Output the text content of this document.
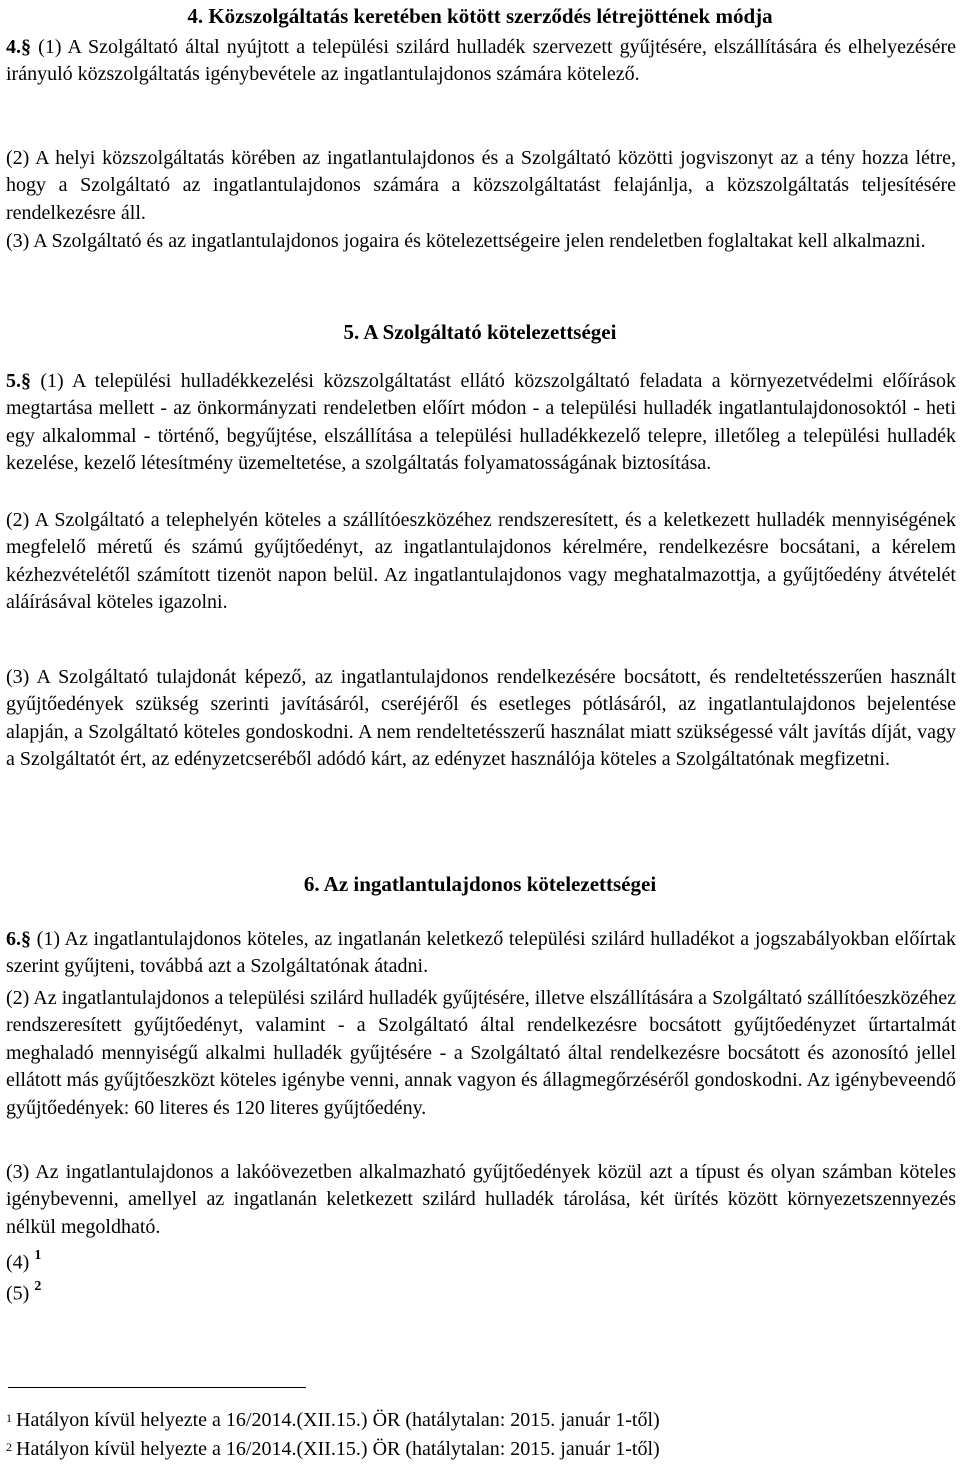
4. Közszolgáltatás keretében kötött szerződés létrejöttének módja

4.§ (1) A Szolgáltató által nyújtott a települési szilárd hulladék szervezett gyűjtésére, elszállítására és elhelyezésére irányuló közszolgáltatás igénybevétele az ingatlantulajdonos számára kötelező.

(2) A helyi közszolgáltatás körében az ingatlantulajdonos és a Szolgáltató közötti jogviszonyt az a tény hozza létre, hogy a Szolgáltató az ingatlantulajdonos számára a közszolgáltatást felajánlja, a közszolgáltatás teljesítésére rendelkezésre áll.

(3) A Szolgáltató és az ingatlantulajdonos jogaira és kötelezettségeire jelen rendeletben foglaltakat kell alkalmazni.

5. A Szolgáltató kötelezettségei

5.§ (1) A települési hulladékkezelési közszolgáltatást ellátó közszolgáltató feladata a környezetvédelmi előírások megtartása mellett - az önkormányzati rendeletben előírt módon - a települési hulladék ingatlantulajdonosoktól - heti egy alkalommal - történő, begyűjtése, elszállítása a települési hulladékkezelő telepre, illetőleg a települési hulladék kezelése, kezelő létesítmény üzemeltetése, a szolgáltatás folyamatosságának biztosítása.

(2) A Szolgáltató a telephelyén köteles a szállítóeszközéhez rendszeresített, és a keletkezett hulladék mennyiségének megfelelő méretű és számú gyűjtőedényt, az ingatlantulajdonos kérelmére, rendelkezésre bocsátani, a kérelem kézhezvételétől számított tizenöt napon belül. Az ingatlantulajdonos vagy meghatalmazottja, a gyűjtőedény átvételét aláírásával köteles igazolni.

(3) A Szolgáltató tulajdonát képező, az ingatlantulajdonos rendelkezésére bocsátott, és rendeltetésszerűen használt gyűjtőedények szükség szerinti javításáról, cseréjéről és esetleges pótlásáról, az ingatlantulajdonos bejelentése alapján, a Szolgáltató köteles gondoskodni. A nem rendeltetésszerű használat miatt szükségessé vált javítás díját, vagy a Szolgáltatót ért, az edényzetcseréből adódó kárt, az edényzet használója köteles a Szolgáltatónak megfizetni.

6. Az ingatlantulajdonos kötelezettségei

6.§ (1) Az ingatlantulajdonos köteles, az ingatlanán keletkező települési szilárd hulladékot a jogszabályokban előírtak szerint gyűjteni, továbbá azt a Szolgáltatónak átadni.

(2) Az ingatlantulajdonos a települési szilárd hulladék gyűjtésére, illetve elszállítására a Szolgáltató szállítóeszközéhez rendszeresített gyűjtőedényt, valamint - a Szolgáltató által rendelkezésre bocsátott gyűjtőedényzet űrtartalmát meghaladó mennyiségű alkalmi hulladék gyűjtésére - a Szolgáltató által rendelkezésre bocsátott és azonosító jellel ellátott más gyűjtőeszközt köteles igénybe venni, annak vagyon és állagmegőrzéséről gondoskodni. Az igénybeveendő gyűjtőedények: 60 literes és 120 literes gyűjtőedény.

(3) Az ingatlantulajdonos a lakóövezetben alkalmazható gyűjtőedények közül azt a típust és olyan számban köteles igénybevenni, amellyel az ingatlanán keletkezett szilárd hulladék tárolása, két ürítés között környezetszennyezés nélkül megoldható.

(4) $^1$
(5) $^2$
$^1$ Hatályon kívül helyezte a 16/2014.(XII.15.) ÖR (hatálytalan: 2015. január 1-től)
$^2$ Hatályon kívül helyezte a 16/2014.(XII.15.) ÖR (hatálytalan: 2015. január 1-től)
